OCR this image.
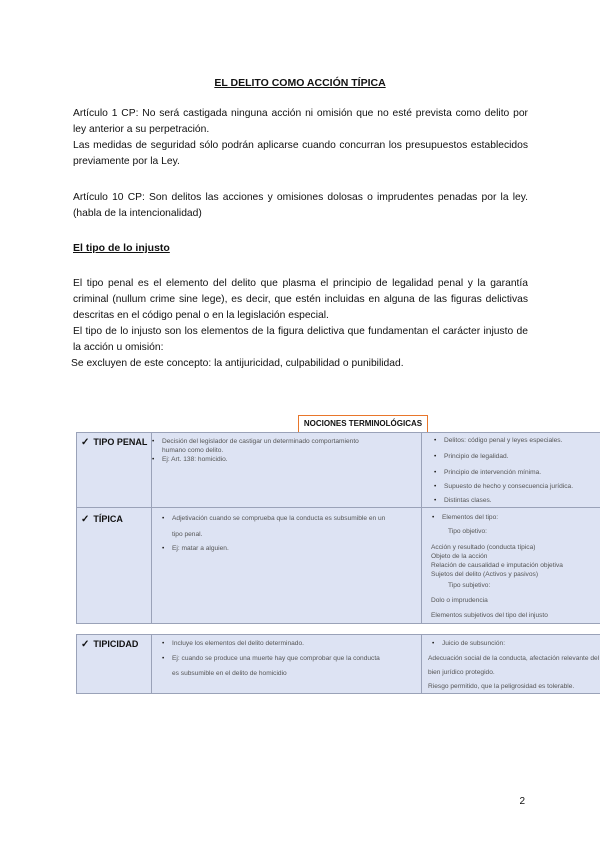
EL DELITO COMO ACCIÓN TÍPICA

Artículo 1 CP: No será castigada ninguna acción ni omisión que no esté prevista como delito por ley anterior a su perpetración.

Las medidas de seguridad sólo podrán aplicarse cuando concurran los presupuestos establecidos previamente por la Ley.

Artículo 10 CP: Son delitos las acciones y omisiones dolosas o imprudentes penadas por la ley. (habla de la intencionalidad)

El tipo de lo injusto

El tipo penal es el elemento del delito que plasma el principio de legalidad penal y la garantía criminal (nullum crime sine lege), es decir, que estén incluidas en alguna de las figuras delictivas descritas en el código penal o en la legislación especial.

El tipo de lo injusto son los elementos de la figura delictiva que fundamentan el carácter injusto de la acción u omisión:

Se excluyen de este concepto: la antijuricidad, culpabilidad o punibilidad.

NOCIONES TERMINOLÓGICAS
✓ TIPO PENAL • Decisión del legislador de castigar un determinado comportamiento
humano como delito.
• Ej: Art. 138: homicidio.
• Delitos: código penal y leyes especiales.
• Principio de legalidad.
• Principio de intervención mínima.
• Supuesto de hecho y consecuencia jurídica.
• Distintas clases.
✓ TÍPICA	• Adjetivación cuando se comprueba que la conducta es subsumible en un
tipo penal.
• Ej: matar a alguien.
• Elementos del tipo:
Tipo objetivo:
Acción y resultado (conducta típica)
Objeto de la acción
Relación de causalidad e imputación objetiva
Sujetos del delito (Activos y pasivos)
Tipo subjetivo:
Dolo o imprudencia
Elementos subjetivos del tipo del injusto
✓ TIPICIDAD	• Incluye los elementos del delito determinado.
• Ej: cuando se produce una muerte hay que comprobar que la conducta
es subsumible en el delito de homicidio
• Juicio de subsunción:
Adecuación social de la conducta, afectación relevante del
bien jurídico protegido.
Riesgo permitido, que la peligrosidad es tolerable.
2
